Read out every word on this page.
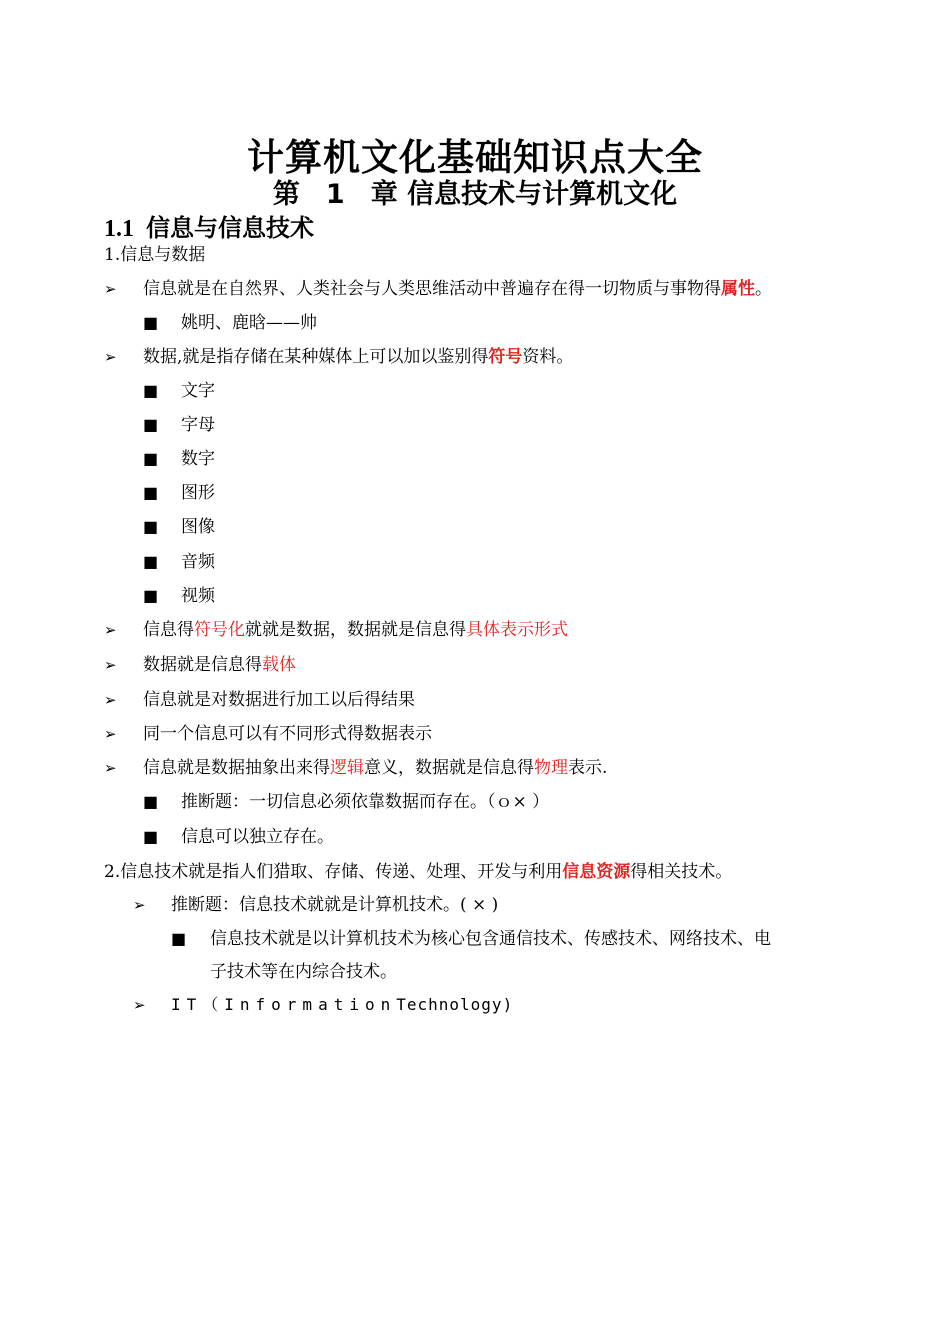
计算机文化基础知识点大全
第 1 章 信息技术与计算机文化
1.1 信息与信息技术
1.信息与数据
➢ 信息就是在自然界、人类社会与人类思维活动中普遍存在得一切物质与事物得属性。
■ 姚明、鹿晗——帅
➢ 数据,就是指存储在某种媒体上可以加以鉴别得符号资料。
■ 文字
■ 字母
■ 数字
■ 图形
■ 图像
■ 音频
■ 视频
➢ 信息得符号化就就是数据，数据就是信息得具体表示形式
➢ 数据就是信息得载体
➢ 信息就是对数据进行加工以后得结果
➢ 同一个信息可以有不同形式得数据表示
➢ 信息就是数据抽象出来得逻辑意义，数据就是信息得物理表示.
■ 推断题：一切信息必须依靠数据而存在。（ｏ× ）
■ 信息可以独立存在。
2.信息技术就是指人们猎取、存储、传递、处理、开发与利用信息资源得相关技术。
➢ 推断题：信息技术就就是计算机技术。( × )
■ 信息技术就是以计算机技术为核心包含通信技术、传感技术、网络技术、电
子技术等在内综合技术。
➢ IT（InformationTechnology)
